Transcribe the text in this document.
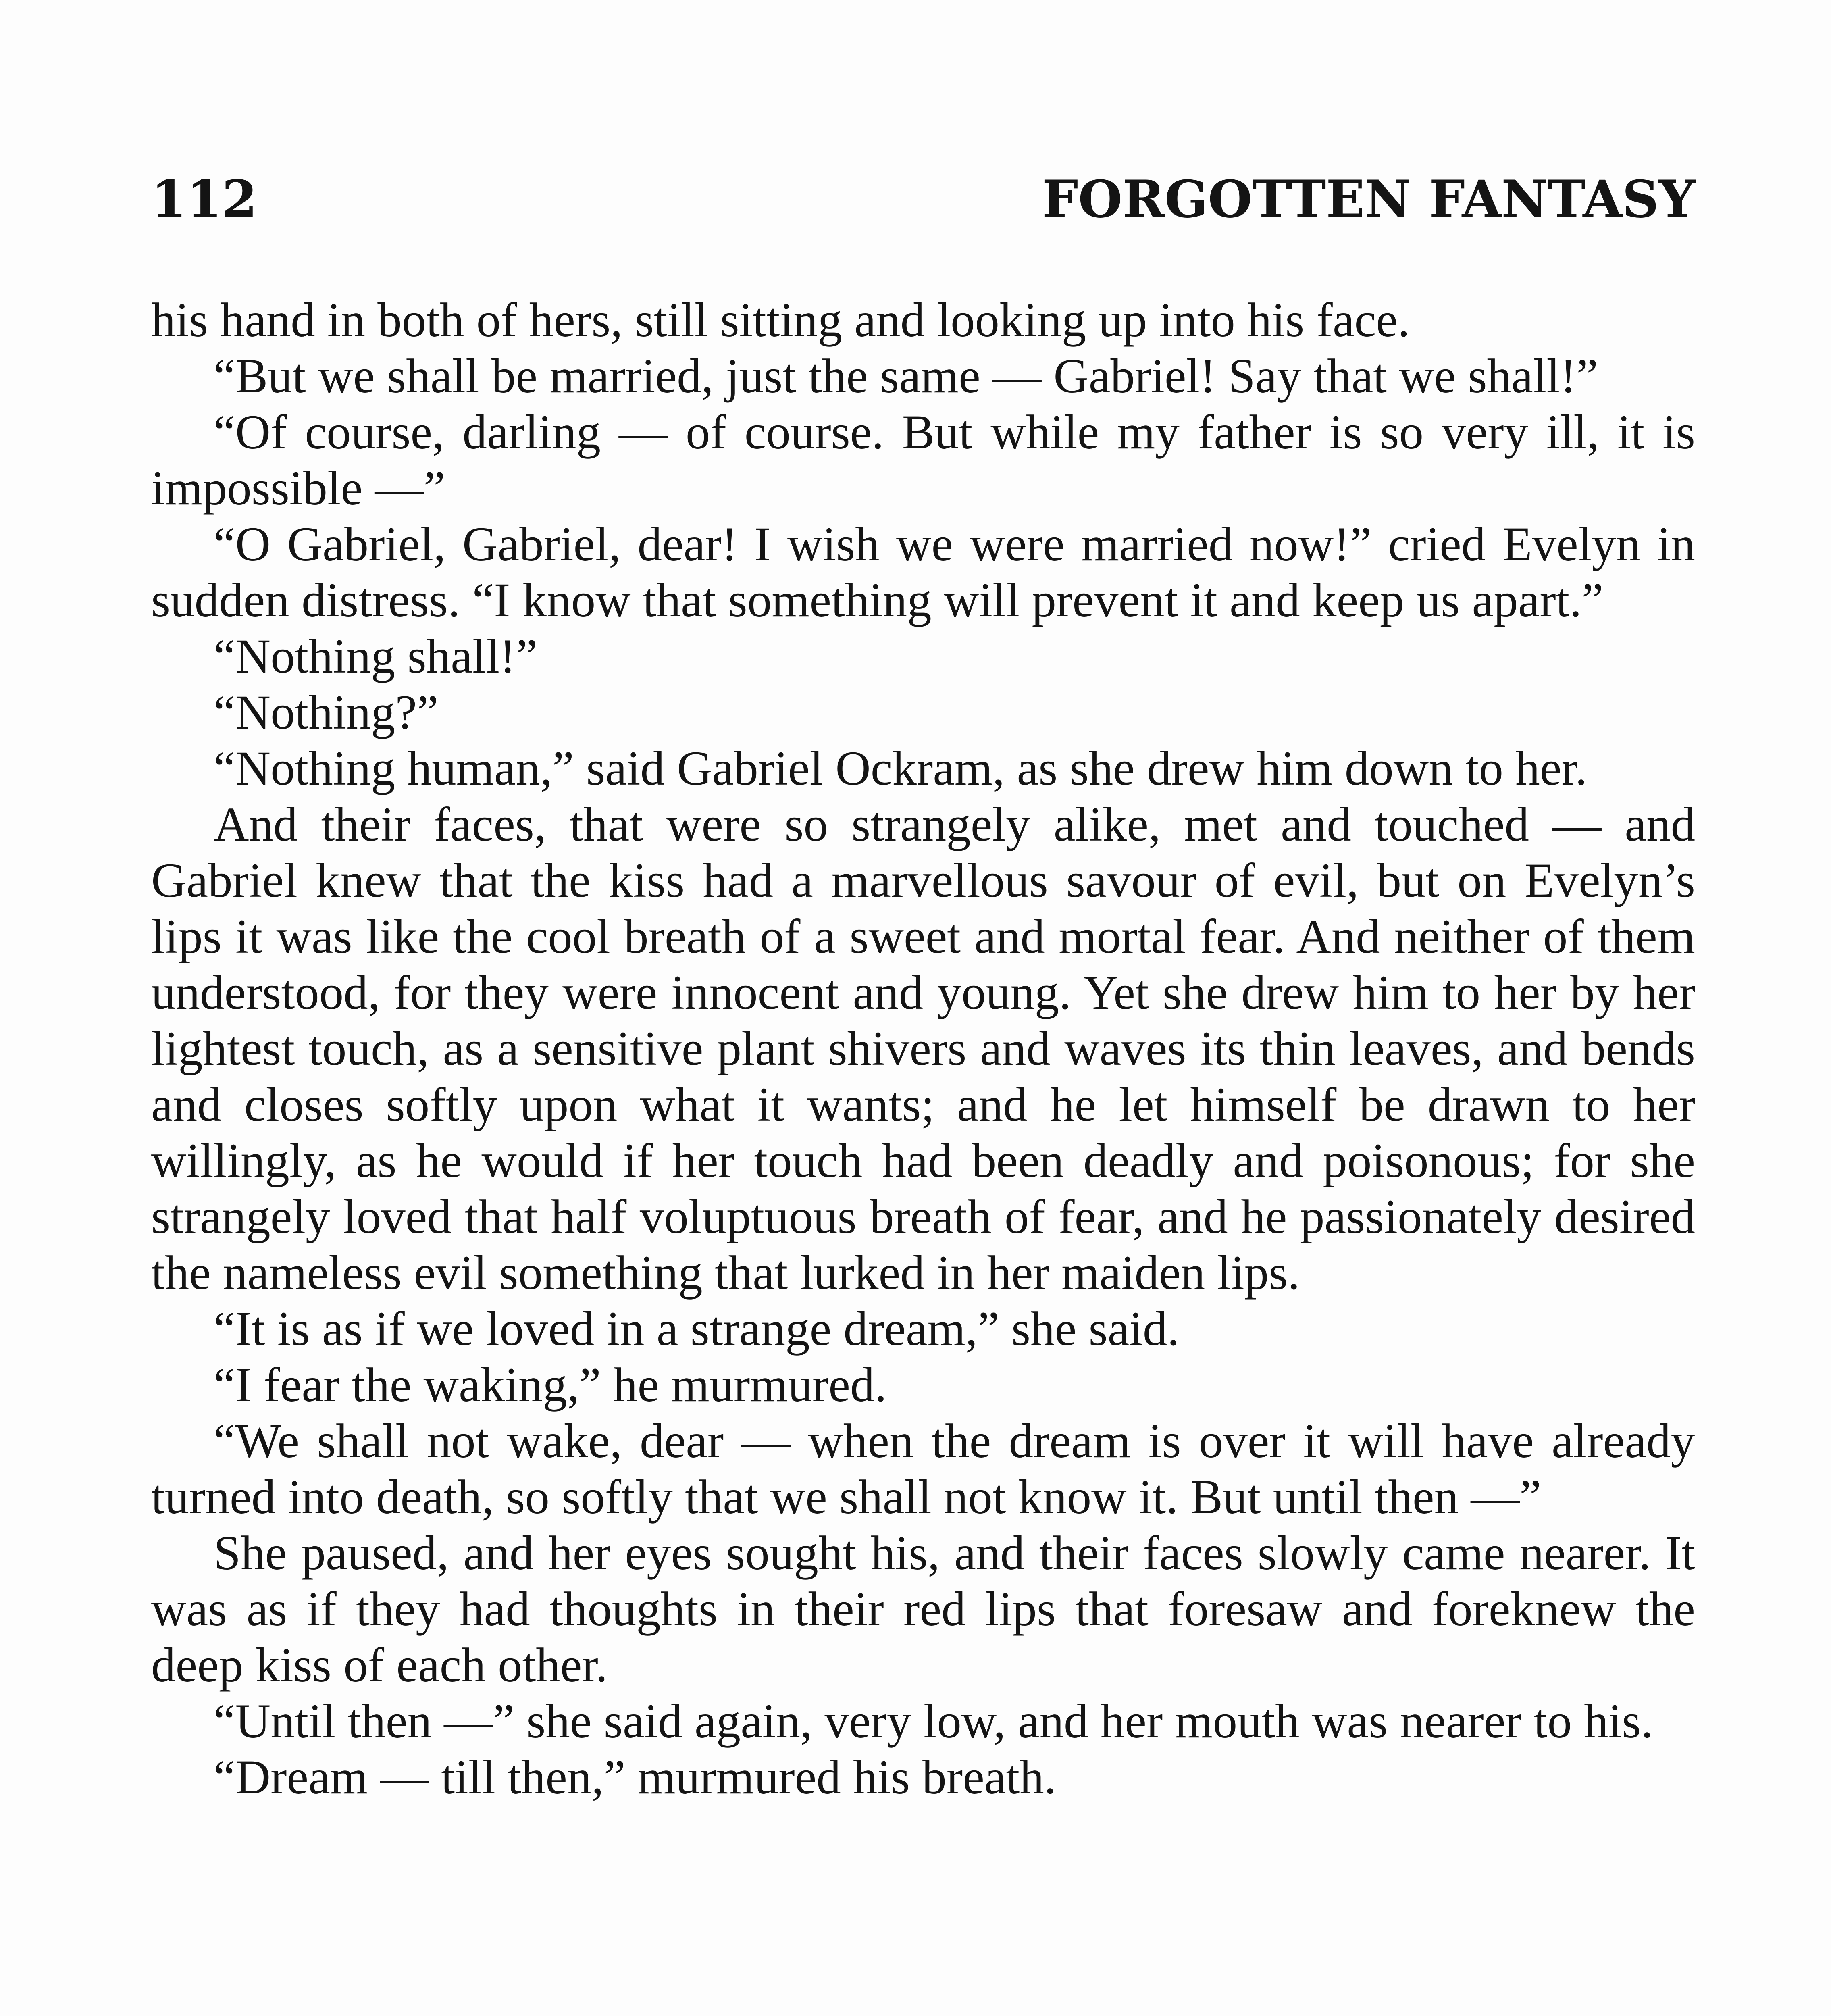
112	FORGOTTEN FANTASY

his hand in both of hers, still sitting and looking up into his face.

“But we shall be married, just the same — Gabriel! Say that we shall!”

“Of course, darling — of course. But while my father is so very ill, it is impossible —”

“O Gabriel, Gabriel, dear! I wish we were married now!” cried Evelyn in sudden distress. “I know that something will prevent it and keep us apart.”

“Nothing shall!”

“Nothing?”

“Nothing human,” said Gabriel Ockram, as she drew him down to her.

And their faces, that were so strangely alike, met and touched — and Gabriel knew that the kiss had a marvellous savour of evil, but on Evelyn’s lips it was like the cool breath of a sweet and mortal fear. And neither of them understood, for they were innocent and young. Yet she drew him to her by her lightest touch, as a sensitive plant shivers and waves its thin leaves, and bends and closes softly upon what it wants; and he let himself be drawn to her willingly, as he would if her touch had been deadly and poisonous; for she strangely loved that half voluptuous breath of fear, and he passionately desired the nameless evil something that lurked in her maiden lips.

“It is as if we loved in a strange dream,” she said.

“I fear the waking,” he murmured.

“We shall not wake, dear — when the dream is over it will have already turned into death, so softly that we shall not know it. But until then —”

She paused, and her eyes sought his, and their faces slowly came nearer. It was as if they had thoughts in their red lips that foresaw and foreknew the deep kiss of each other.

“Until then —” she said again, very low, and her mouth was nearer to his.

“Dream — till then,” murmured his breath.
